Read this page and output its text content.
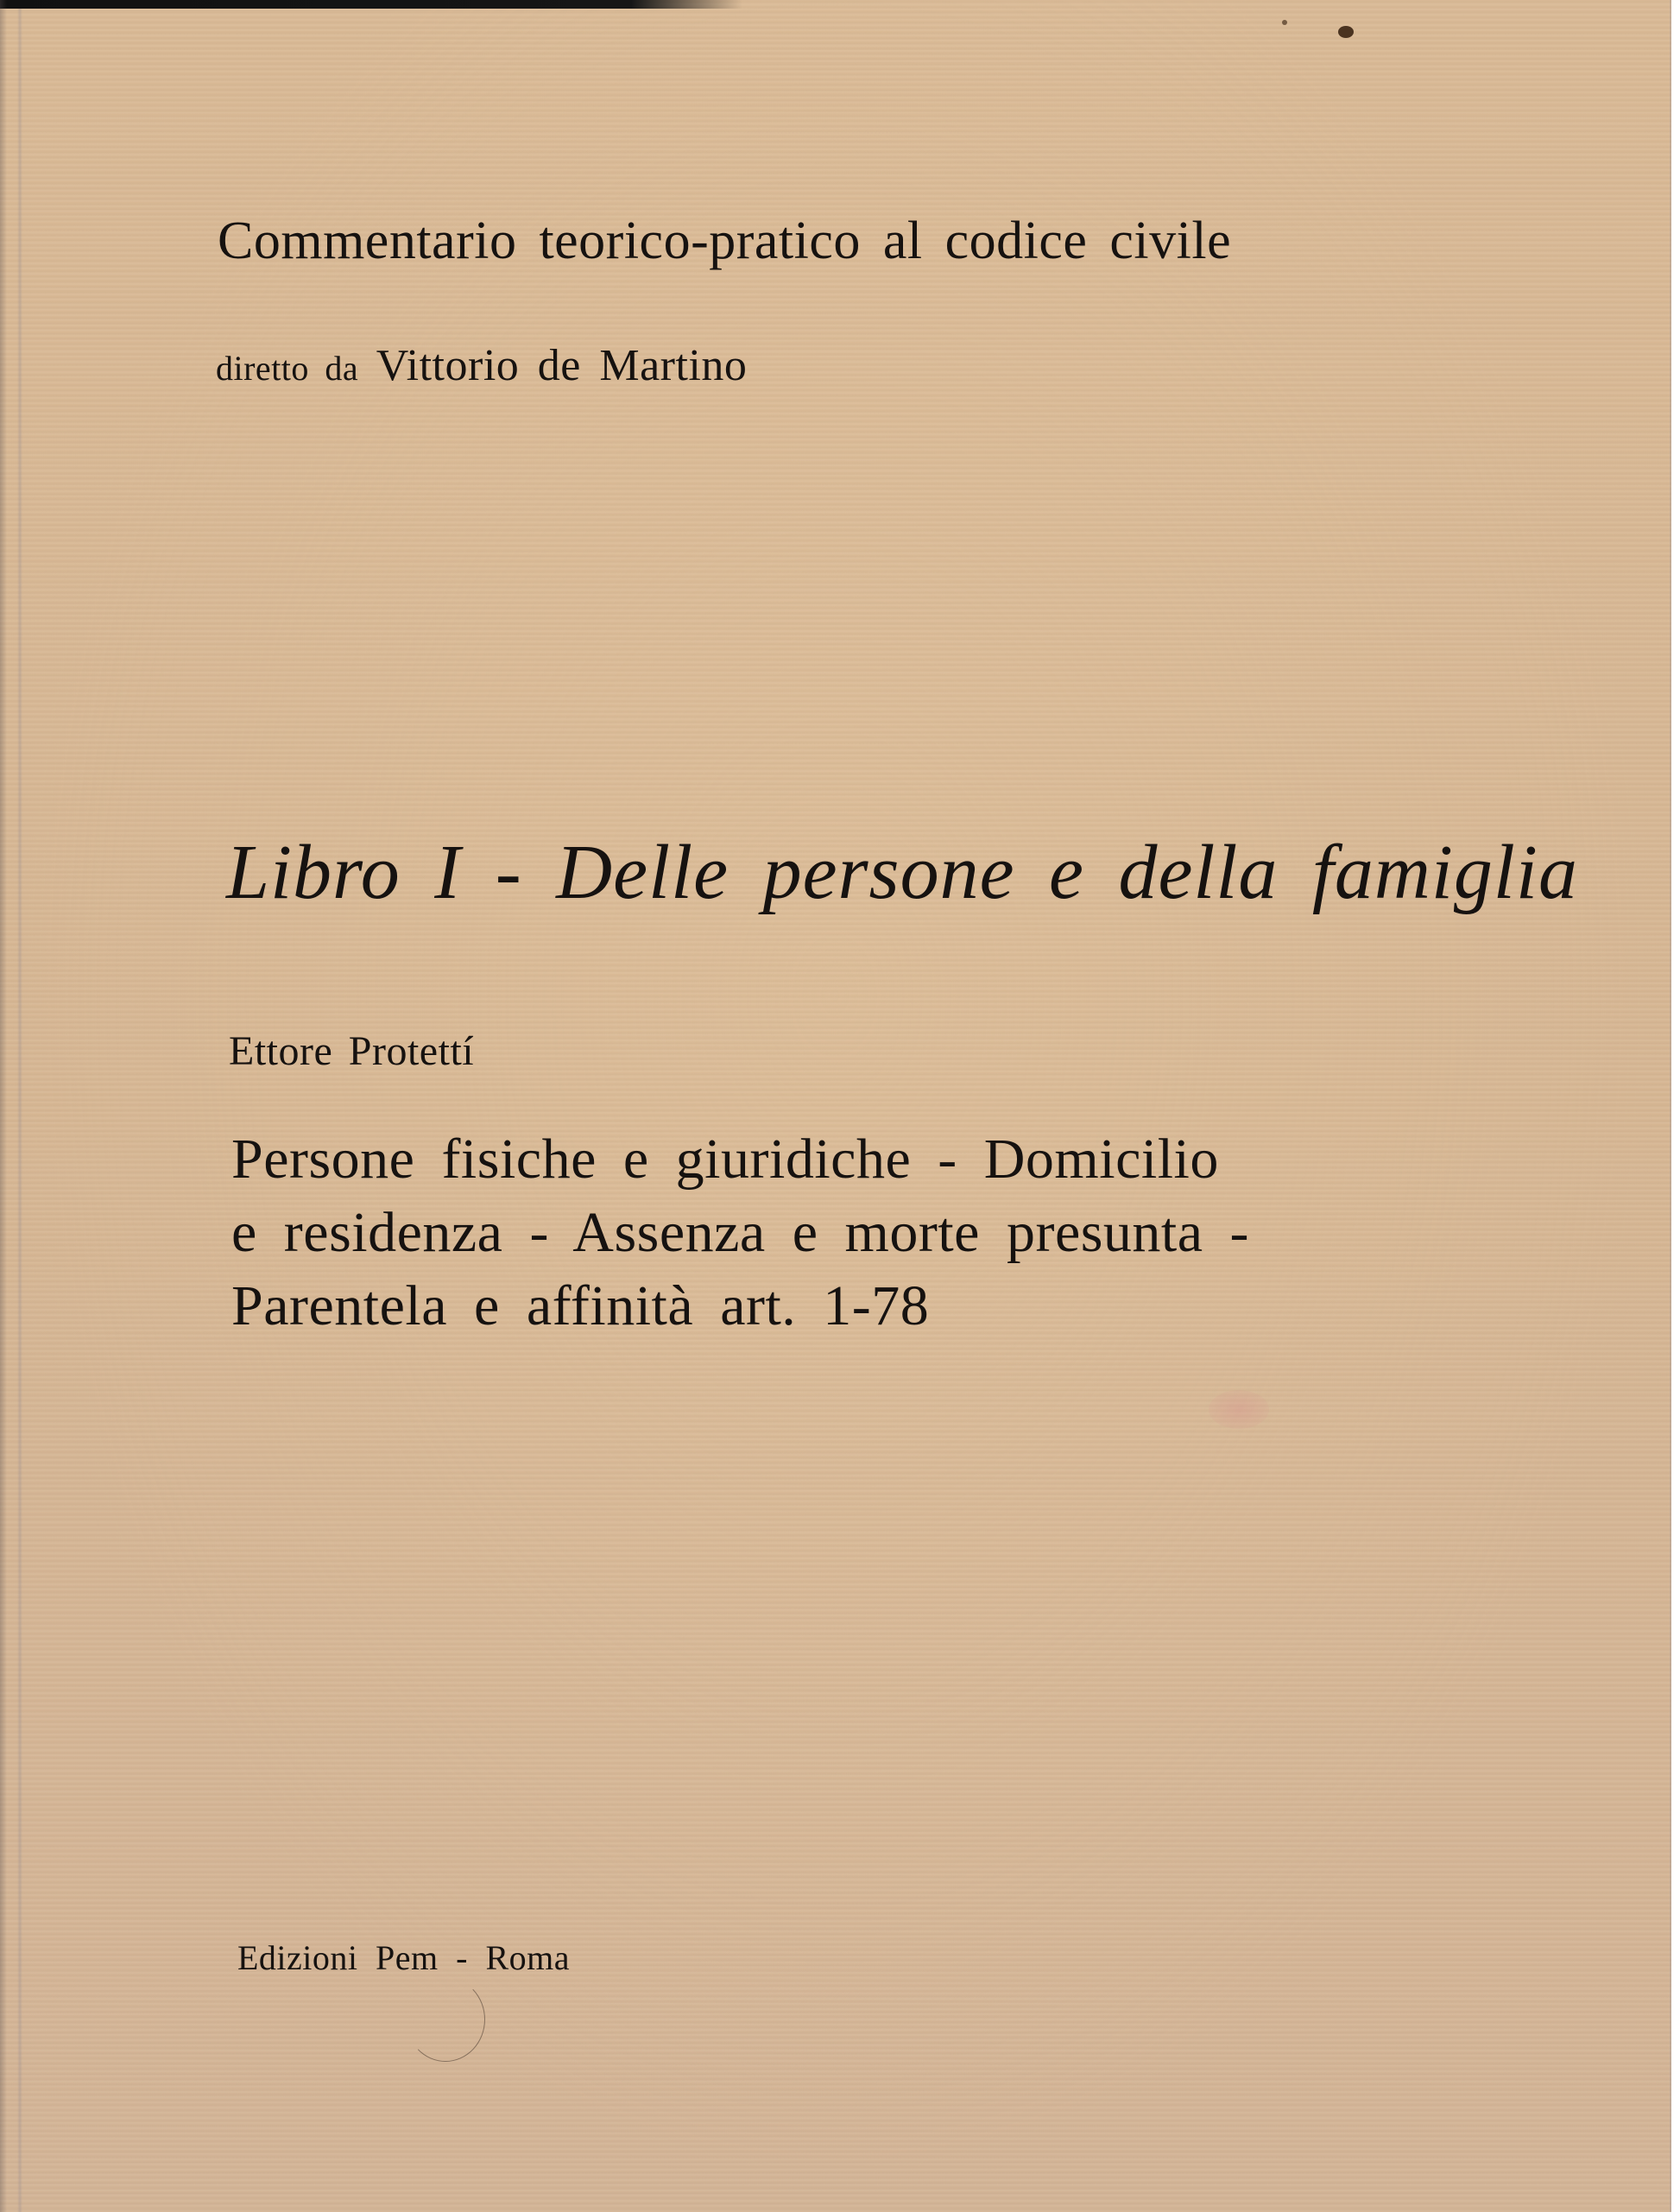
Commentario teorico-pratico al codice civile
diretto da Vittorio de Martino
Libro I - Delle persone e della famiglia
Ettore Protettí
Persone fisiche e giuridiche - Domicilio
e residenza - Assenza e morte presunta -
Parentela e affinità art. 1-78
Edizioni Pem - Roma
